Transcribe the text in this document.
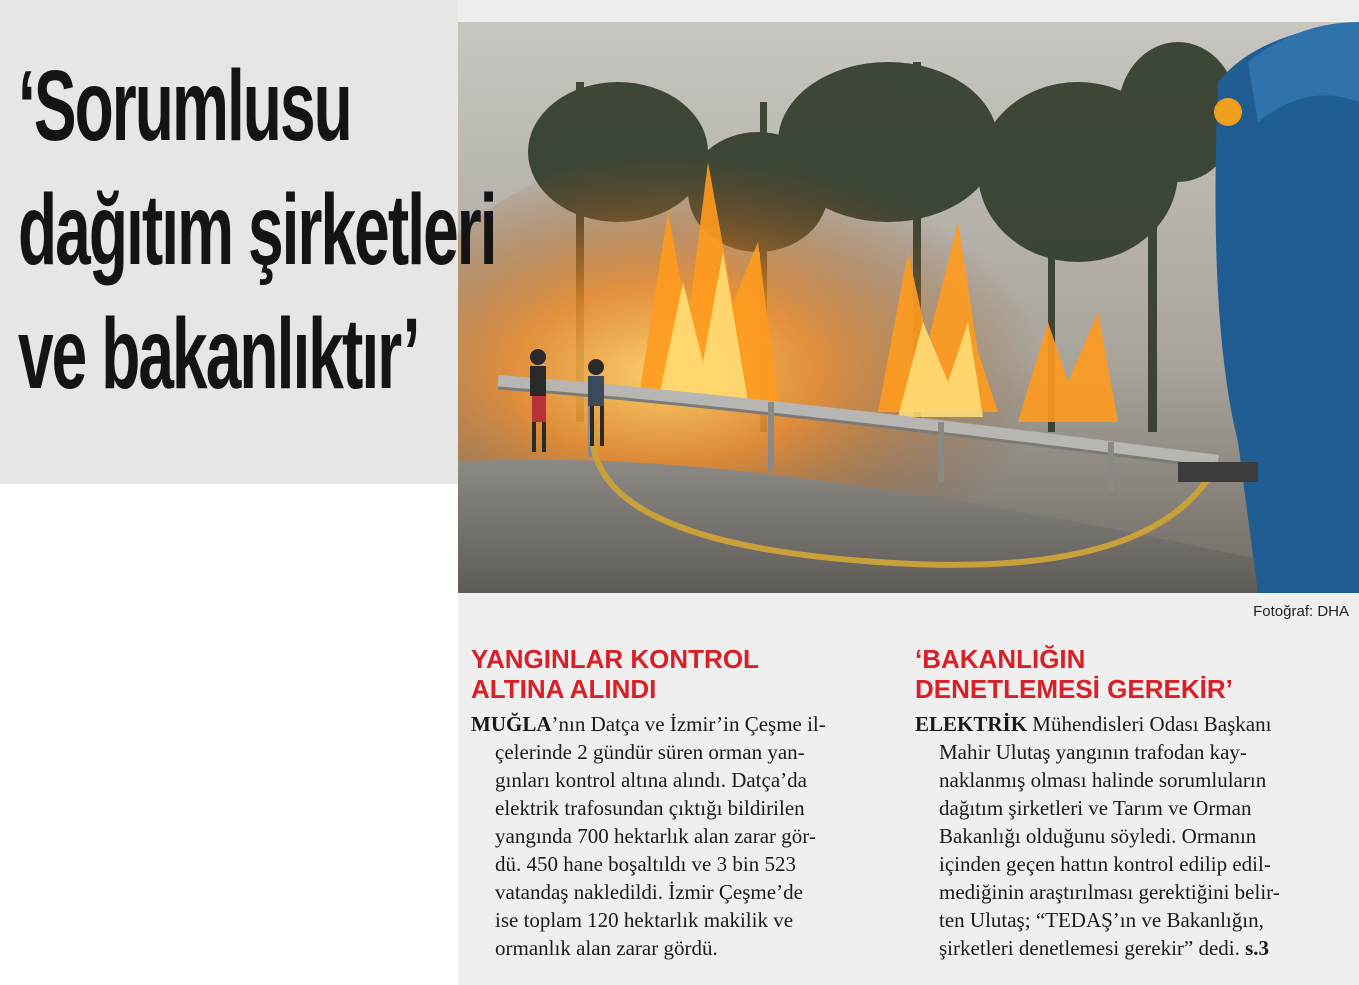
‘Sorumlusu
dağıtım şirketleri
ve bakanlıktır’
Fotoğraf: DHA
YANGINLAR KONTROL
ALTINA ALINDI

MUĞLA’nın Datça ve İzmir’in Çeşme il-
çelerinde 2 gündür süren orman yan-
gınları kontrol altına alındı. Datça’da
elektrik trafosundan çıktığı bildirilen
yangında 700 hektarlık alan zarar gör-
dü. 450 hane boşaltıldı ve 3 bin 523
vatandaş nakledildi. İzmir Çeşme’de
ise toplam 120 hektarlık makilik ve
ormanlık alan zarar gördü.

‘BAKANLIĞIN
DENETLEMESİ GEREKİR’

ELEKTRİK Mühendisleri Odası Başkanı
Mahir Ulutaş yangının trafodan kay-
naklanmış olması halinde sorumluların
dağıtım şirketleri ve Tarım ve Orman
Bakanlığı olduğunu söyledi. Ormanın
içinden geçen hattın kontrol edilip edil-
mediğinin araştırılması gerektiğini belir-
ten Ulutaş; “TEDAŞ’ın ve Bakanlığın,
şirketleri denetlemesi gerekir” dedi. s.3
